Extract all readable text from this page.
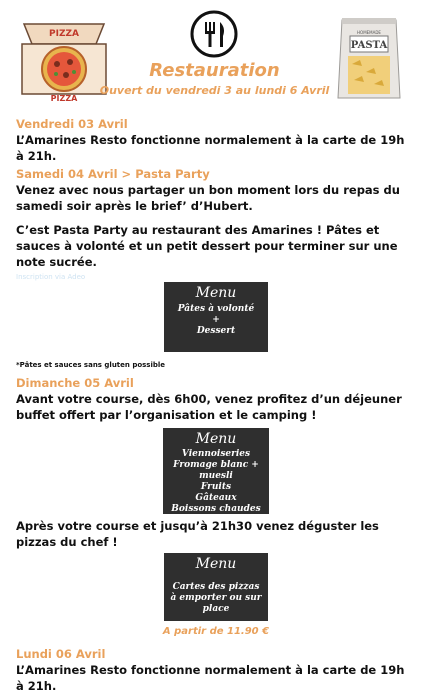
PIZZA
PIZZA
Restauration
Ouvert du vendredi 3 au lundi 6 Avril
HOMEMADE
PASTA
Vendredi 03 Avril
L’Amarines Resto fonctionne normalement à la carte de 19h à 21h.
Samedi 04 Avril > Pasta Party
Venez avec nous partager un bon moment lors du repas du samedi soir après le brief’ d’Hubert.
C’est Pasta Party au restaurant des Amarines ! Pâtes et sauces à volonté et un petit dessert pour terminer sur une note sucrée.
Inscription via Adeo
Menu
Pâtes à volonté
+
Dessert
*Pâtes et sauces sans gluten possible
Dimanche 05 Avril
Avant votre course, dès 6h00, venez profitez d’un déjeuner buffet offert par l’organisation et le camping !
Menu
Viennoiseries
Fromage blanc + muesli
Fruits
Gâteaux
Boissons chaudes
Après votre course et jusqu’à 21h30 venez déguster les pizzas du chef !
Menu
Cartes des pizzas
à emporter ou sur place
A partir de 11.90 €
Lundi 06 Avril
L’Amarines Resto fonctionne normalement à la carte de 19h à 21h.
